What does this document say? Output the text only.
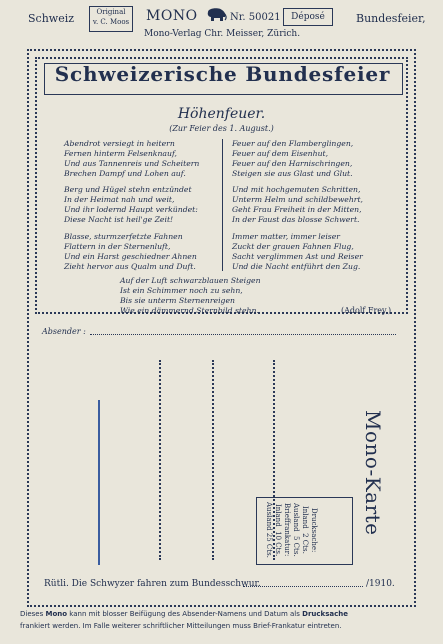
Schweiz	Original
v. C. Moos MONO	Nr. 50021	Déposé	Bundesfeier,
Mono-Verlag Chr. Meisser, Zürich.
Schweizerische Bundesfeier
Höhenfeuer.
(Zur Feier des 1. August.)
Abendrot versiegt in heitern
Fernen hinterm Felsenknauf,
Und aus Tannenreis und Scheitern
Brechen Dampf und Lohen auf.
Berg und Hügel stehn entzündet
In der Heimat nah und weit,
Und ihr lodernd Haupt verkündet:
Diese Nacht ist heil'ge Zeit!
Blasse, sturmzerfetzte Fahnen
Flattern in der Sternenluft,
Und ein Harst geschiedner Ahnen
Zieht hervor aus Qualm und Duft.
Feuer auf den Flamberglingen,
Feuer auf dem Eisenhut,
Feuer auf den Harnischringen,
Steigen sie aus Glast und Glut.
Und mit hochgemuten Schritten,
Unterm Helm und schildbewehrt,
Geht Frau Freiheit in der Mitten,
In der Faust das blosse Schwert.
Immer matter, immer leiser
Zuckt der grauen Fahnen Flug,
Sacht verglimmen Ast und Reiser
Und die Nacht entführt den Zug.
Auf der Luft schwarzblauen Steigen
Ist ein Schimmer noch zu sehn,
Bis sie unterm Sternenreigen
Wie ein dämmernd Sternbild stehn.	(Adolf Frey.)
Absender :
Mono-Karte
Drucksache:
Inland  2 Cts.
Ausland  5 Cts.
Brieffrankatur:
Inland  10 Cts.
Ausland 25 Cts.
Rütli. Die Schwyzer fahren zum Bundesschwur.	/1910.
Dieses Mono kann mit blosser Beifügung des Absender-Namens und Datum als Drucksache
frankiert werden. Im Falle weiterer schriftlicher Mitteilungen muss Brief-Frankatur eintreten.
